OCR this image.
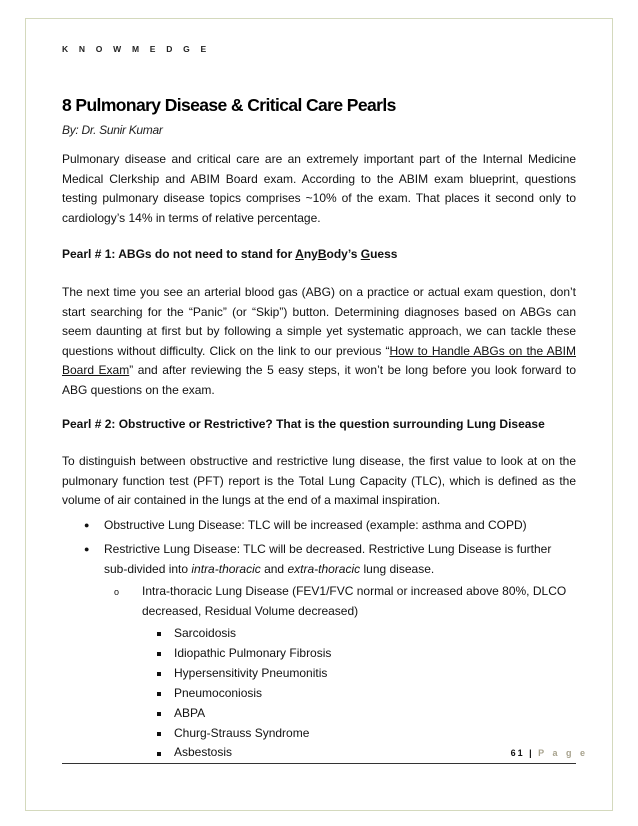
K N O W M E D G E
8 Pulmonary Disease & Critical Care Pearls
By: Dr. Sunir Kumar

Pulmonary disease and critical care are an extremely important part of the Internal Medicine Medical Clerkship and ABIM Board exam. According to the ABIM exam blueprint, questions testing pulmonary disease topics comprises ~10% of the exam. That places it second only to cardiology’s 14% in terms of relative percentage.

Pearl # 1: ABGs do not need to stand for AnyBody’s Guess

The next time you see an arterial blood gas (ABG) on a practice or actual exam question, don’t start searching for the “Panic” (or “Skip”) button. Determining diagnoses based on ABGs can seem daunting at first but by following a simple yet systematic approach, we can tackle these questions without difficulty. Click on the link to our previous “How to Handle ABGs on the ABIM Board Exam” and after reviewing the 5 easy steps, it won’t be long before you look forward to ABG questions on the exam.

Pearl # 2: Obstructive or Restrictive? That is the question surrounding Lung Disease

To distinguish between obstructive and restrictive lung disease, the first value to look at on the pulmonary function test (PFT) report is the Total Lung Capacity (TLC), which is defined as the volume of air contained in the lungs at the end of a maximal inspiration.

● Obstructive Lung Disease: TLC will be increased (example: asthma and COPD)
● Restrictive Lung Disease: TLC will be decreased. Restrictive Lung Disease is further
sub-divided into intra-thoracic and extra-thoracic lung disease.
o Intra-thoracic Lung Disease (FEV1/FVC normal or increased above 80%, DLCO
decreased, Residual Volume decreased)
Sarcoidosis
Idiopathic Pulmonary Fibrosis
Hypersensitivity Pneumonitis
Pneumoconiosis
ABPA
Churg-Strauss Syndrome
Asbestosis	61 | P a g e
